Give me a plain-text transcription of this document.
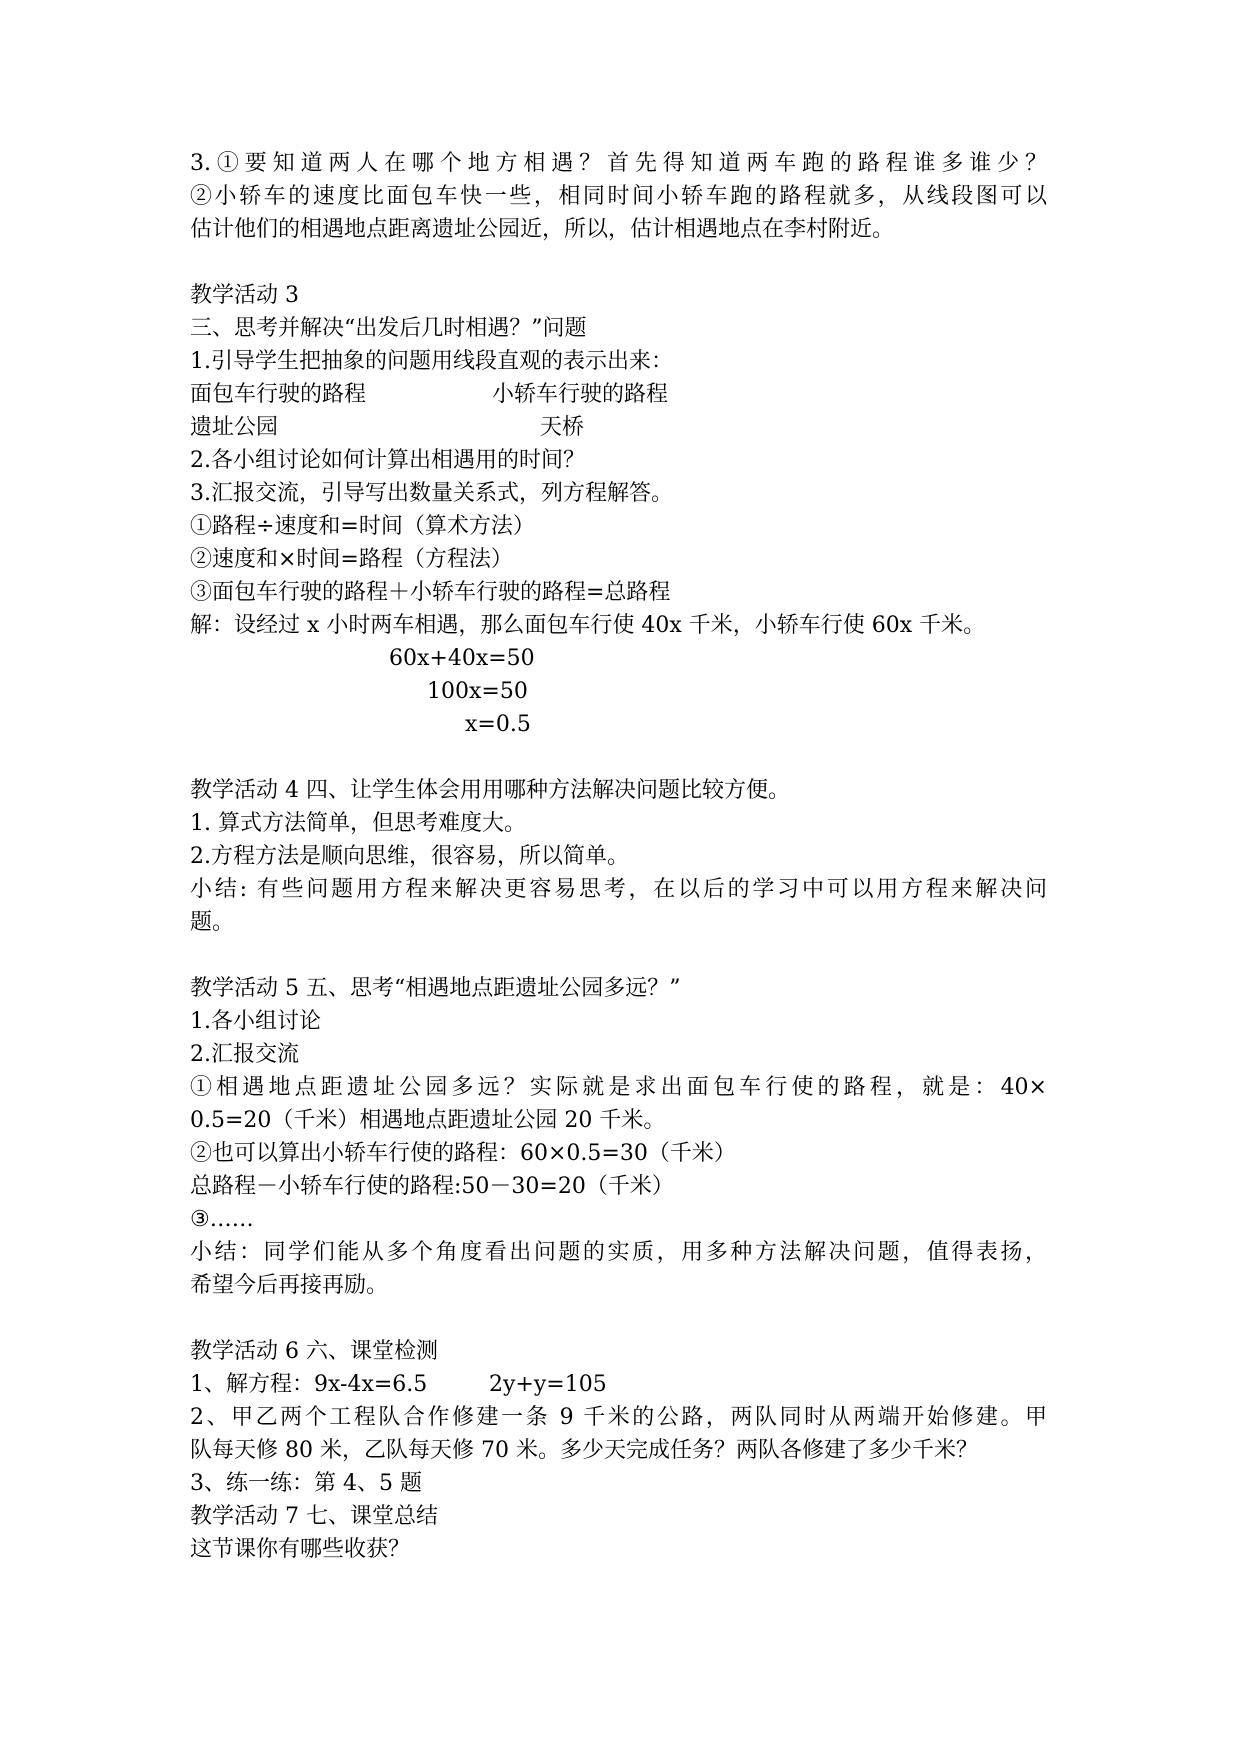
3.①要知道两人在哪个地方相遇？首先得知道两车跑的路程谁多谁少？
②小轿车的速度比面包车快一些，相同时间小轿车跑的路程就多，从线段图可以
估计他们的相遇地点距离遗址公园近，所以，估计相遇地点在李村附近。
教学活动 3
三、思考并解决“出发后几时相遇？”问题
1.引导学生把抽象的问题用线段直观的表示出来：
面包车行驶的路程	小轿车行驶的路程
遗址公园	天桥
2.各小组讨论如何计算出相遇用的时间？
3.汇报交流，引导写出数量关系式，列方程解答。
①路程÷速度和=时间（算术方法）
②速度和×时间=路程（方程法）
③面包车行驶的路程＋小轿车行驶的路程=总路程
解：设经过 x 小时两车相遇，那么面包车行使 40x 千米，小轿车行使 60x 千米。
60x+40x=50
100x=50
x=0.5
教学活动 4 四、让学生体会用用哪种方法解决问题比较方便。
1. 算式方法简单，但思考难度大。
2.方程方法是顺向思维，很容易，所以简单。
小结: 有些问题用方程来解决更容易思考，在以后的学习中可以用方程来解决问
题。
教学活动 5 五、思考“相遇地点距遗址公园多远？”
1.各小组讨论
2.汇报交流
①相遇地点距遗址公园多远？实际就是求出面包车行使的路程，就是：40×
0.5=20（千米）相遇地点距遗址公园 20 千米。
②也可以算出小轿车行使的路程：60×0.5=30（千米）
总路程－小轿车行使的路程:50－30=20（千米）
③……
小结：同学们能从多个角度看出问题的实质，用多种方法解决问题，值得表扬，
希望今后再接再励。
教学活动 6 六、课堂检测
1、解方程：9x-4x=6.5	2y+y=105
2、甲乙两个工程队合作修建一条 9 千米的公路，两队同时从两端开始修建。甲
队每天修 80 米，乙队每天修 70 米。多少天完成任务？两队各修建了多少千米？
3、练一练：第 4、5 题
教学活动 7 七、课堂总结
这节课你有哪些收获？
